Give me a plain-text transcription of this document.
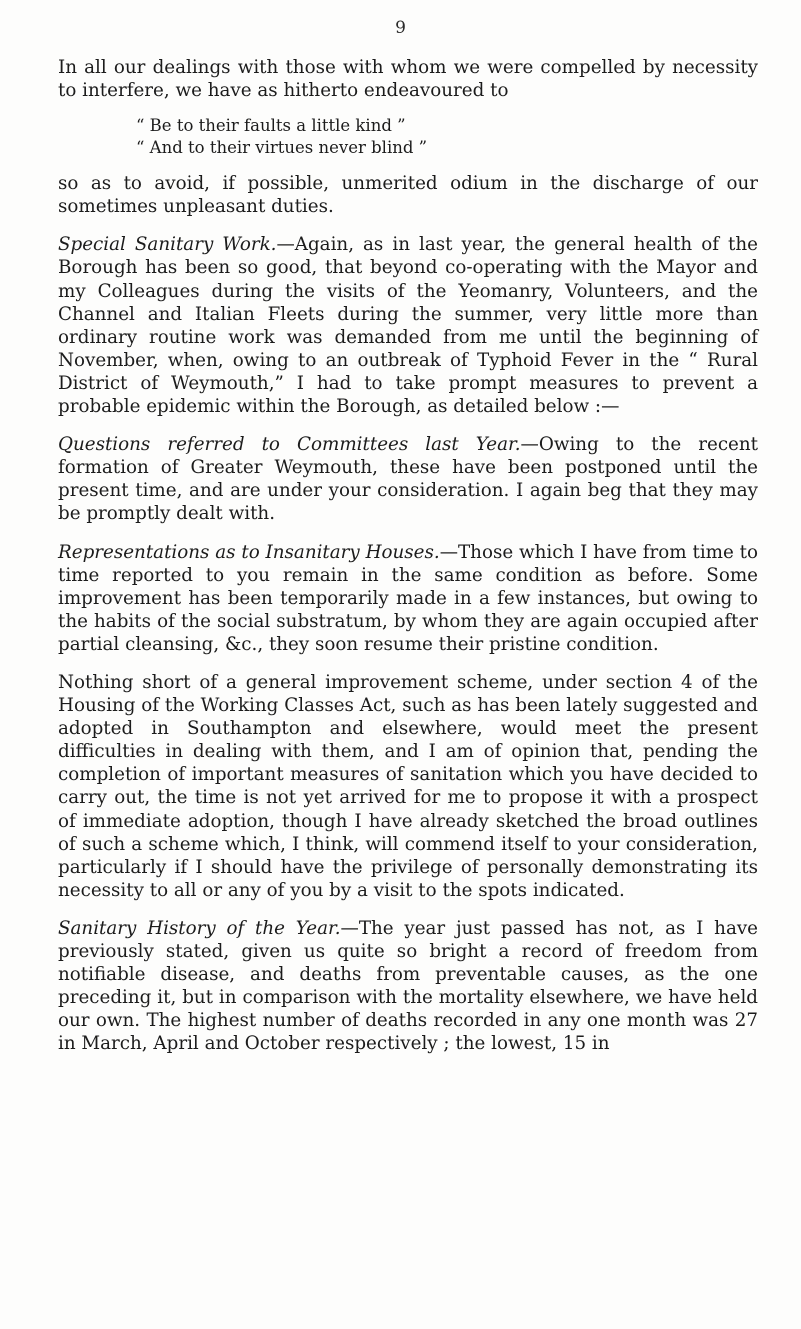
9

In all our dealings with those with whom we were compelled by necessity to interfere, we have as hitherto endeavoured to

“ Be to their faults a little kind ”
“ And to their virtues never blind ”

so as to avoid, if possible, unmerited odium in the discharge of our sometimes unpleasant duties.

Special Sanitary Work.—Again, as in last year, the general health of the Borough has been so good, that beyond co-operating with the Mayor and my Colleagues during the visits of the Yeomanry, Volunteers, and the Channel and Italian Fleets during the summer, very little more than ordinary routine work was demanded from me until the beginning of November, when, owing to an outbreak of Typhoid Fever in the “ Rural District of Weymouth,” I had to take prompt measures to prevent a probable epidemic within the Borough, as detailed below :—

Questions referred to Committees last Year.—Owing to the recent formation of Greater Weymouth, these have been postponed until the present time, and are under your consideration. I again beg that they may be promptly dealt with.

Representations as to Insanitary Houses.—Those which I have from time to time reported to you remain in the same condition as before. Some improvement has been temporarily made in a few instances, but owing to the habits of the social substratum, by whom they are again occupied after partial cleansing, &c., they soon resume their pristine condition.

Nothing short of a general improvement scheme, under section 4 of the Housing of the Working Classes Act, such as has been lately suggested and adopted in Southampton and elsewhere, would meet the present difficulties in dealing with them, and I am of opinion that, pending the completion of important measures of sanitation which you have decided to carry out, the time is not yet arrived for me to propose it with a prospect of immediate adoption, though I have already sketched the broad outlines of such a scheme which, I think, will commend itself to your consideration, particularly if I should have the privilege of personally demonstrating its necessity to all or any of you by a visit to the spots indicated.

Sanitary History of the Year.—The year just passed has not, as I have previously stated, given us quite so bright a record of freedom from notifiable disease, and deaths from preventable causes, as the one preceding it, but in comparison with the mortality elsewhere, we have held our own. The highest number of deaths recorded in any one month was 27 in March, April and October respectively ; the lowest, 15 in
